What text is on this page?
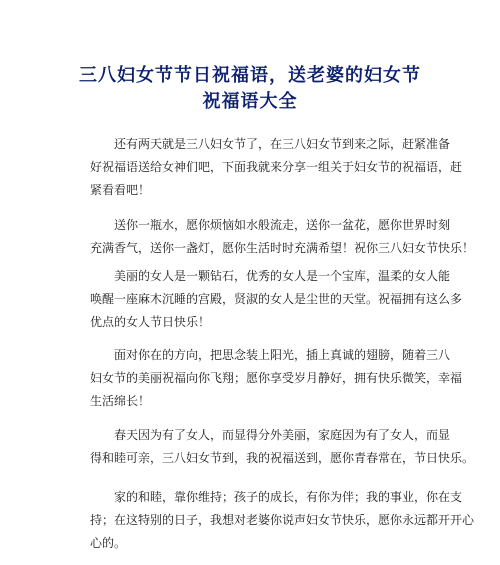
三八妇女节节日祝福语，送老婆的妇女节
祝福语大全
　　还有两天就是三八妇女节了，在三八妇女节到来之际，赶紧准备
好祝福语送给女神们吧，下面我就来分享一组关于妇女节的祝福语，赶
紧看看吧！
　　送你一瓶水，愿你烦恼如水般流走，送你一盆花，愿你世界时刻
充满香气，送你一盏灯，愿你生活时时充满希望！祝你三八妇女节快乐！
　　美丽的女人是一颗钻石，优秀的女人是一个宝库，温柔的女人能
唤醒一座麻木沉睡的宫殿，贤淑的女人是尘世的天堂。祝福拥有这么多
优点的女人节日快乐！
　　面对你在的方向，把思念装上阳光，插上真诚的翅膀，随着三八
妇女节的美丽祝福向你飞翔；愿你享受岁月静好，拥有快乐微笑，幸福
生活绵长！
　　春天因为有了女人，而显得分外美丽，家庭因为有了女人，而显
得和睦可亲，三八妇女节到，我的祝福送到，愿你青春常在，节日快乐。
　　家的和睦，靠你维持；孩子的成长，有你为伴；我的事业，你在支
持；在这特别的日子，我想对老婆你说声妇女节快乐，愿你永远都开开心
心的。
